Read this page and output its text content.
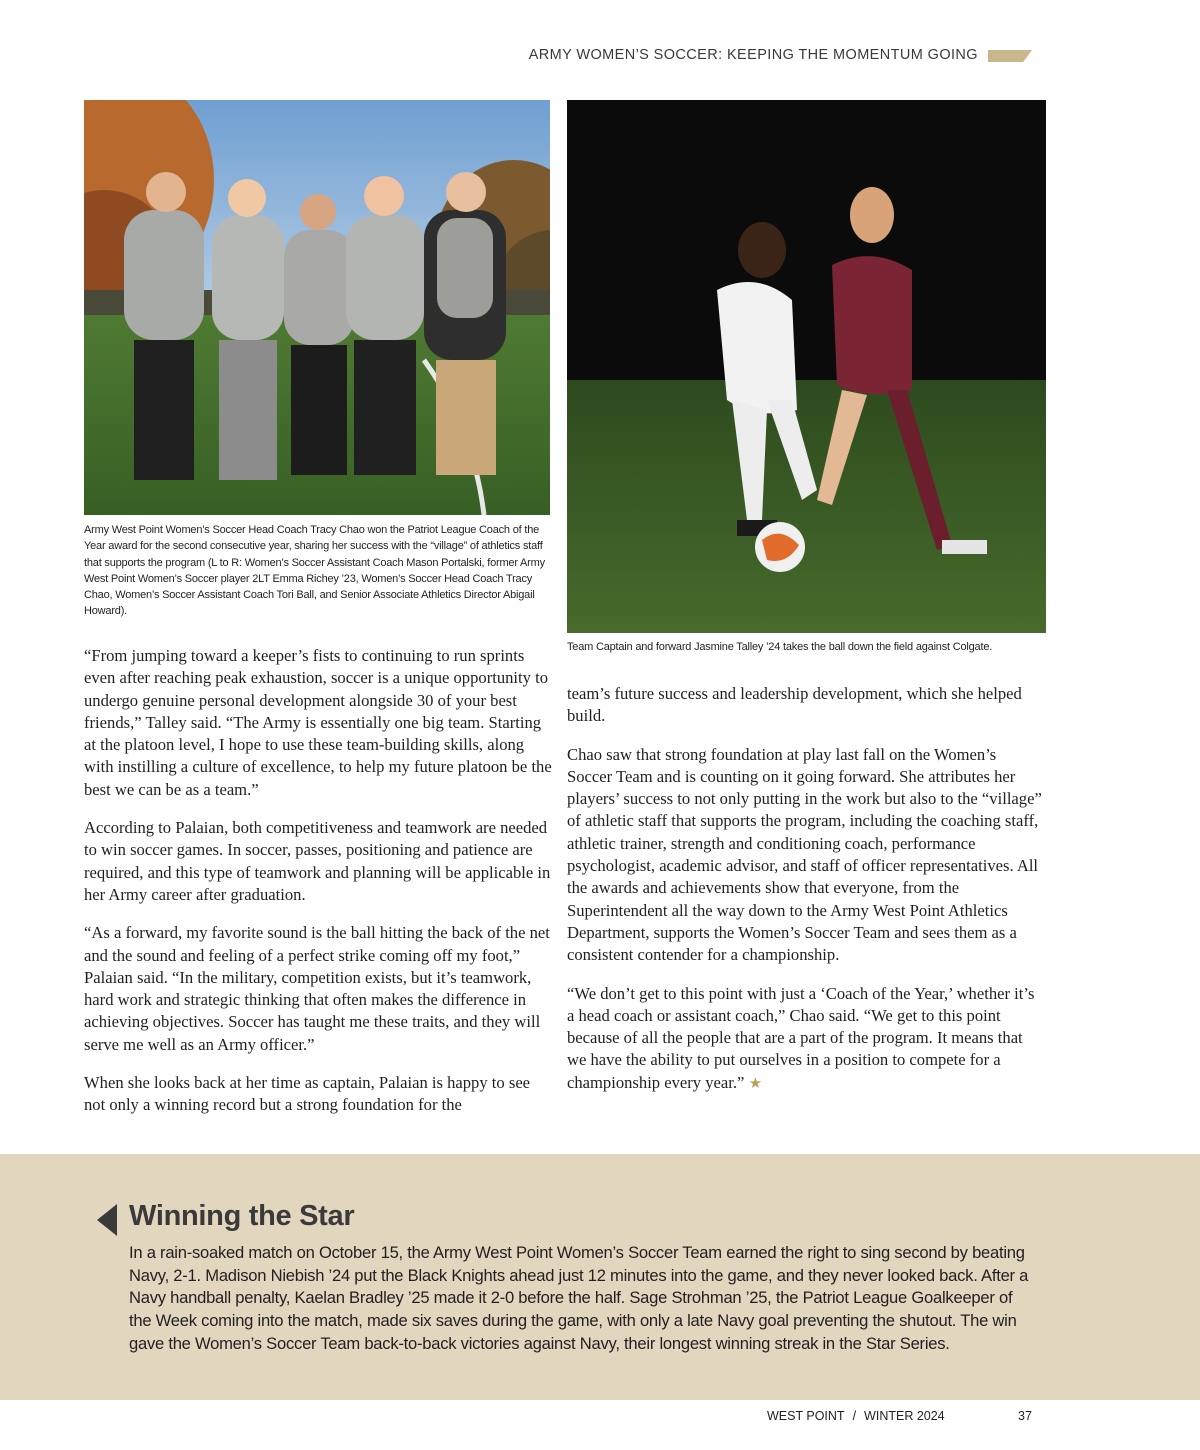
ARMY WOMEN’S SOCCER: KEEPING THE MOMENTUM GOING
Army West Point Women’s Soccer Head Coach Tracy Chao won the Patriot League Coach of the Year award for the second consecutive year, sharing her success with the “village” of athletics staff that supports the program (L to R: Women’s Soccer Assistant Coach Mason Portalski, former Army West Point Women’s Soccer player 2LT Emma Richey ’23, Women’s Soccer Head Coach Tracy Chao, Women’s Soccer Assistant Coach Tori Ball, and Senior Associate Athletics Director Abigail Howard).
Team Captain and forward Jasmine Talley ’24 takes the ball down the field against Colgate.

“From jumping toward a keeper’s fists to continuing to run sprints even after reaching peak exhaustion, soccer is a unique opportunity to undergo genuine personal development alongside 30 of your best friends,” Talley said. “The Army is essentially one big team. Starting at the platoon level, I hope to use these team-building skills, along with instilling a culture of excellence, to help my future platoon be the best we can be as a team.”

According to Palaian, both competitiveness and teamwork are needed to win soccer games. In soccer, passes, positioning and patience are required, and this type of teamwork and planning will be applicable in her Army career after graduation.

“As a forward, my favorite sound is the ball hitting the back of the net and the sound and feeling of a perfect strike coming off my foot,” Palaian said. “In the military, competition exists, but it’s teamwork, hard work and strategic thinking that often makes the difference in achieving objectives. Soccer has taught me these traits, and they will serve me well as an Army officer.”

When she looks back at her time as captain, Palaian is happy to see not only a winning record but a strong foundation for the

team’s future success and leadership development, which she helped build.

Chao saw that strong foundation at play last fall on the Women’s Soccer Team and is counting on it going forward. She attributes her players’ success to not only putting in the work but also to the “village” of athletic staff that supports the program, including the coaching staff, athletic trainer, strength and conditioning coach, performance psychologist, academic advisor, and staff of officer representatives. All the awards and achievements show that everyone, from the Superintendent all the way down to the Army West Point Athletics Department, supports the Women’s Soccer Team and sees them as a consistent contender for a championship.

“We don’t get to this point with just a ‘Coach of the Year,’ whether it’s a head coach or assistant coach,” Chao said. “We get to this point because of all the people that are a part of the program. It means that we have the ability to put ourselves in a position to compete for a championship every year.” ★

Winning the Star

In a rain-soaked match on October 15, the Army West Point Women’s Soccer Team earned the right to sing second by beating Navy, 2-1. Madison Niebish ’24 put the Black Knights ahead just 12 minutes into the game, and they never looked back. After a Navy handball penalty, Kaelan Bradley ’25 made it 2-0 before the half. Sage Strohman ’25, the Patriot League Goalkeeper of the Week coming into the match, made six saves during the game, with only a late Navy goal preventing the shutout. The win gave the Women’s Soccer Team back-to-back victories against Navy, their longest winning streak in the Star Series.

WEST POINT / WINTER 2024	37
